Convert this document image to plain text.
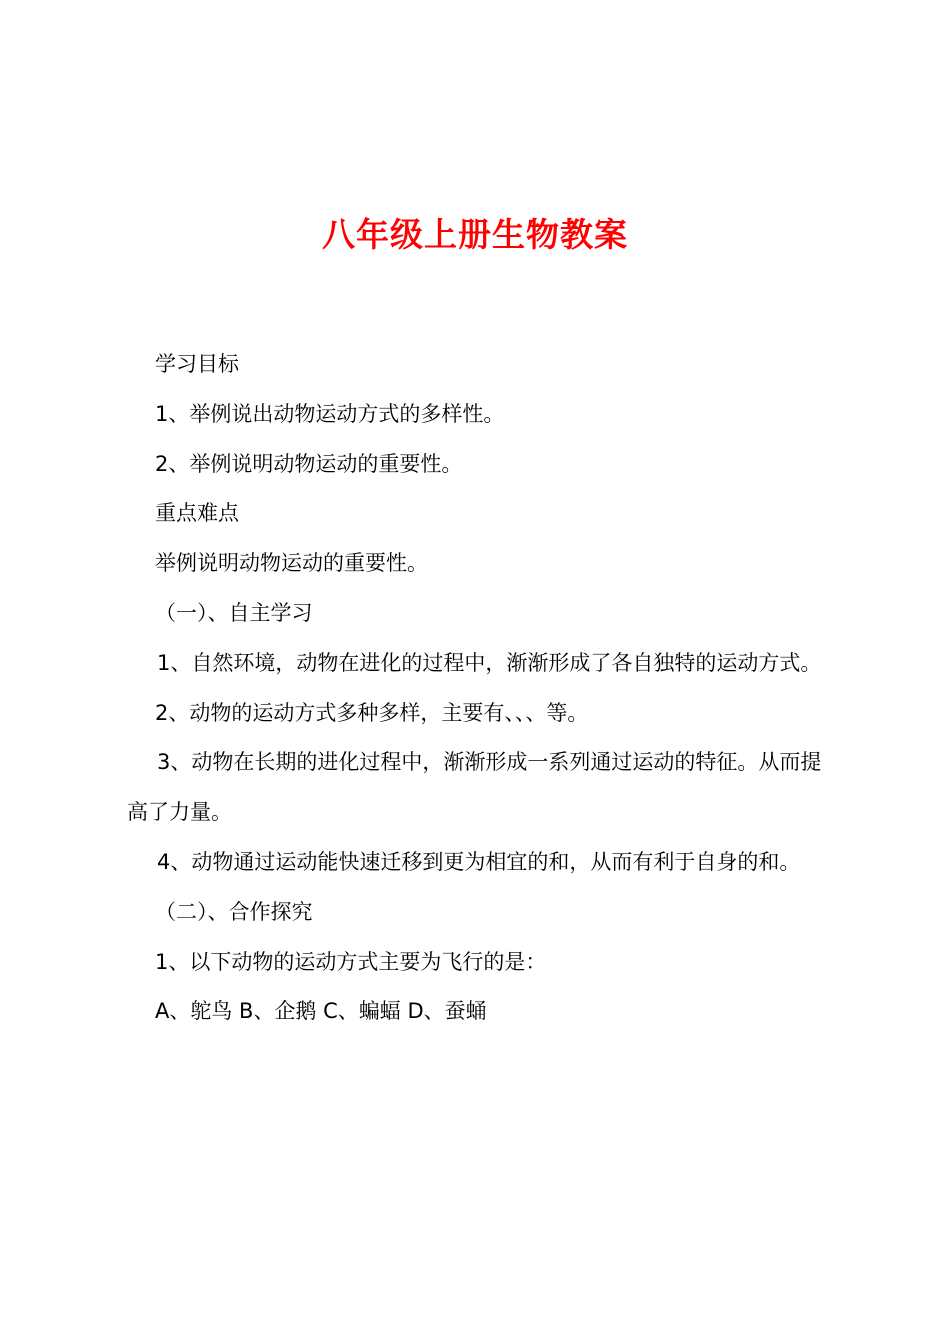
八年级上册生物教案

学习目标

1、举例说出动物运动方式的多样性。

2、举例说明动物运动的重要性。

重点难点

举例说明动物运动的重要性。

（一）、自主学习

1、自然环境，动物在进化的过程中，渐渐形成了各自独特的运动方式。

2、动物的运动方式多种多样，主要有、、、等。

3、动物在长期的进化过程中，渐渐形成一系列通过运动的特征。从而提高了力量。

4、动物通过运动能快速迁移到更为相宜的和，从而有利于自身的和。

（二）、合作探究

1、以下动物的运动方式主要为飞行的是：

A、鸵鸟 B、企鹅 C、蝙蝠 D、蚕蛹
